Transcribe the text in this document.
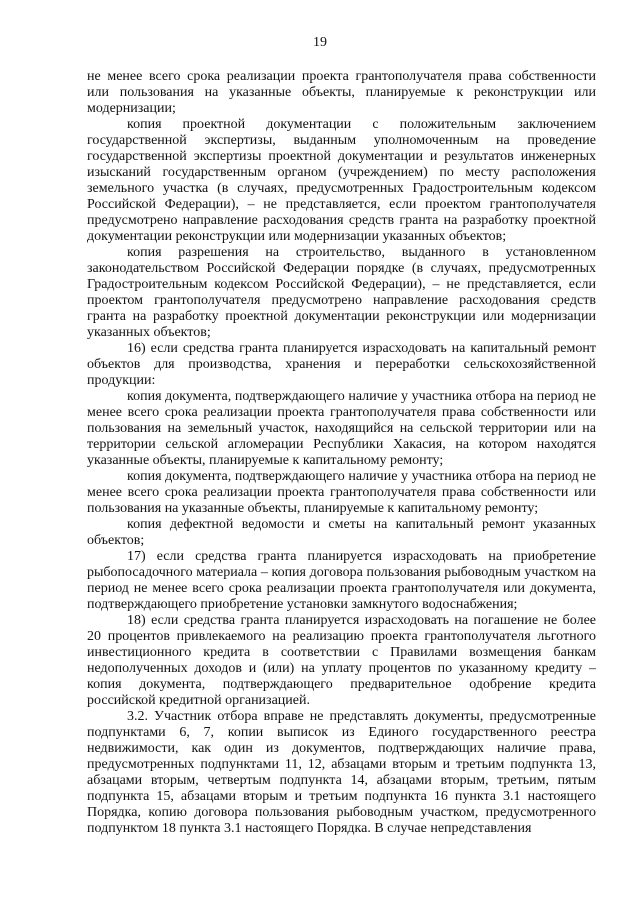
19

не менее всего срока реализации проекта грантополучателя права собственности или пользования на указанные объекты, планируемые к реконструкции или модернизации;

копия проектной документации с положительным заключением государственной экспертизы, выданным уполномоченным на проведение государственной экспертизы проектной документации и результатов инженерных изысканий государственным органом (учреждением) по месту расположения земельного участка (в случаях, предусмотренных Градостроительным кодексом Российской Федерации), – не представляется, если проектом грантополучателя предусмотрено направление расходования средств гранта на разработку проектной документации реконструкции или модернизации указанных объектов;

копия разрешения на строительство, выданного в установленном законодательством Российской Федерации порядке (в случаях, предусмотренных Градостроительным кодексом Российской Федерации), – не представляется, если проектом грантополучателя предусмотрено направление расходования средств гранта на разработку проектной документации реконструкции или модернизации указанных объектов;

16) если средства гранта планируется израсходовать на капитальный ремонт объектов для производства, хранения и переработки сельскохозяйственной продукции:

копия документа, подтверждающего наличие у участника отбора на период не менее всего срока реализации проекта грантополучателя права собственности или пользования на земельный участок, находящийся на сельской территории или на территории сельской агломерации Республики Хакасия, на котором находятся указанные объекты, планируемые к капитальному ремонту;

копия документа, подтверждающего наличие у участника отбора на период не менее всего срока реализации проекта грантополучателя права собственности или пользования на указанные объекты, планируемые к капитальному ремонту;

копия дефектной ведомости и сметы на капитальный ремонт указанных объектов;

17) если средства гранта планируется израсходовать на приобретение рыбопосадочного материала – копия договора пользования рыбоводным участком на период не менее всего срока реализации проекта грантополучателя или документа, подтверждающего приобретение установки замкнутого водоснабжения;

18) если средства гранта планируется израсходовать на погашение не более 20 процентов привлекаемого на реализацию проекта грантополучателя льготного инвестиционного кредита в соответствии с Правилами возмещения банкам недополученных доходов и (или) на уплату процентов по указанному кредиту – копия документа, подтверждающего предварительное одобрение кредита российской кредитной организацией.

3.2. Участник отбора вправе не представлять документы, предусмотренные подпунктами 6, 7, копии выписок из Единого государственного реестра недвижимости, как один из документов, подтверждающих наличие права, предусмотренных подпунктами 11, 12, абзацами вторым и третьим подпункта 13, абзацами вторым, четвертым подпункта 14, абзацами вторым, третьим, пятым подпункта 15, абзацами вторым и третьим подпункта 16 пункта 3.1 настоящего Порядка, копию договора пользования рыбоводным участком, предусмотренного подпунктом 18 пункта 3.1 настоящего Порядка. В случае непредставления
